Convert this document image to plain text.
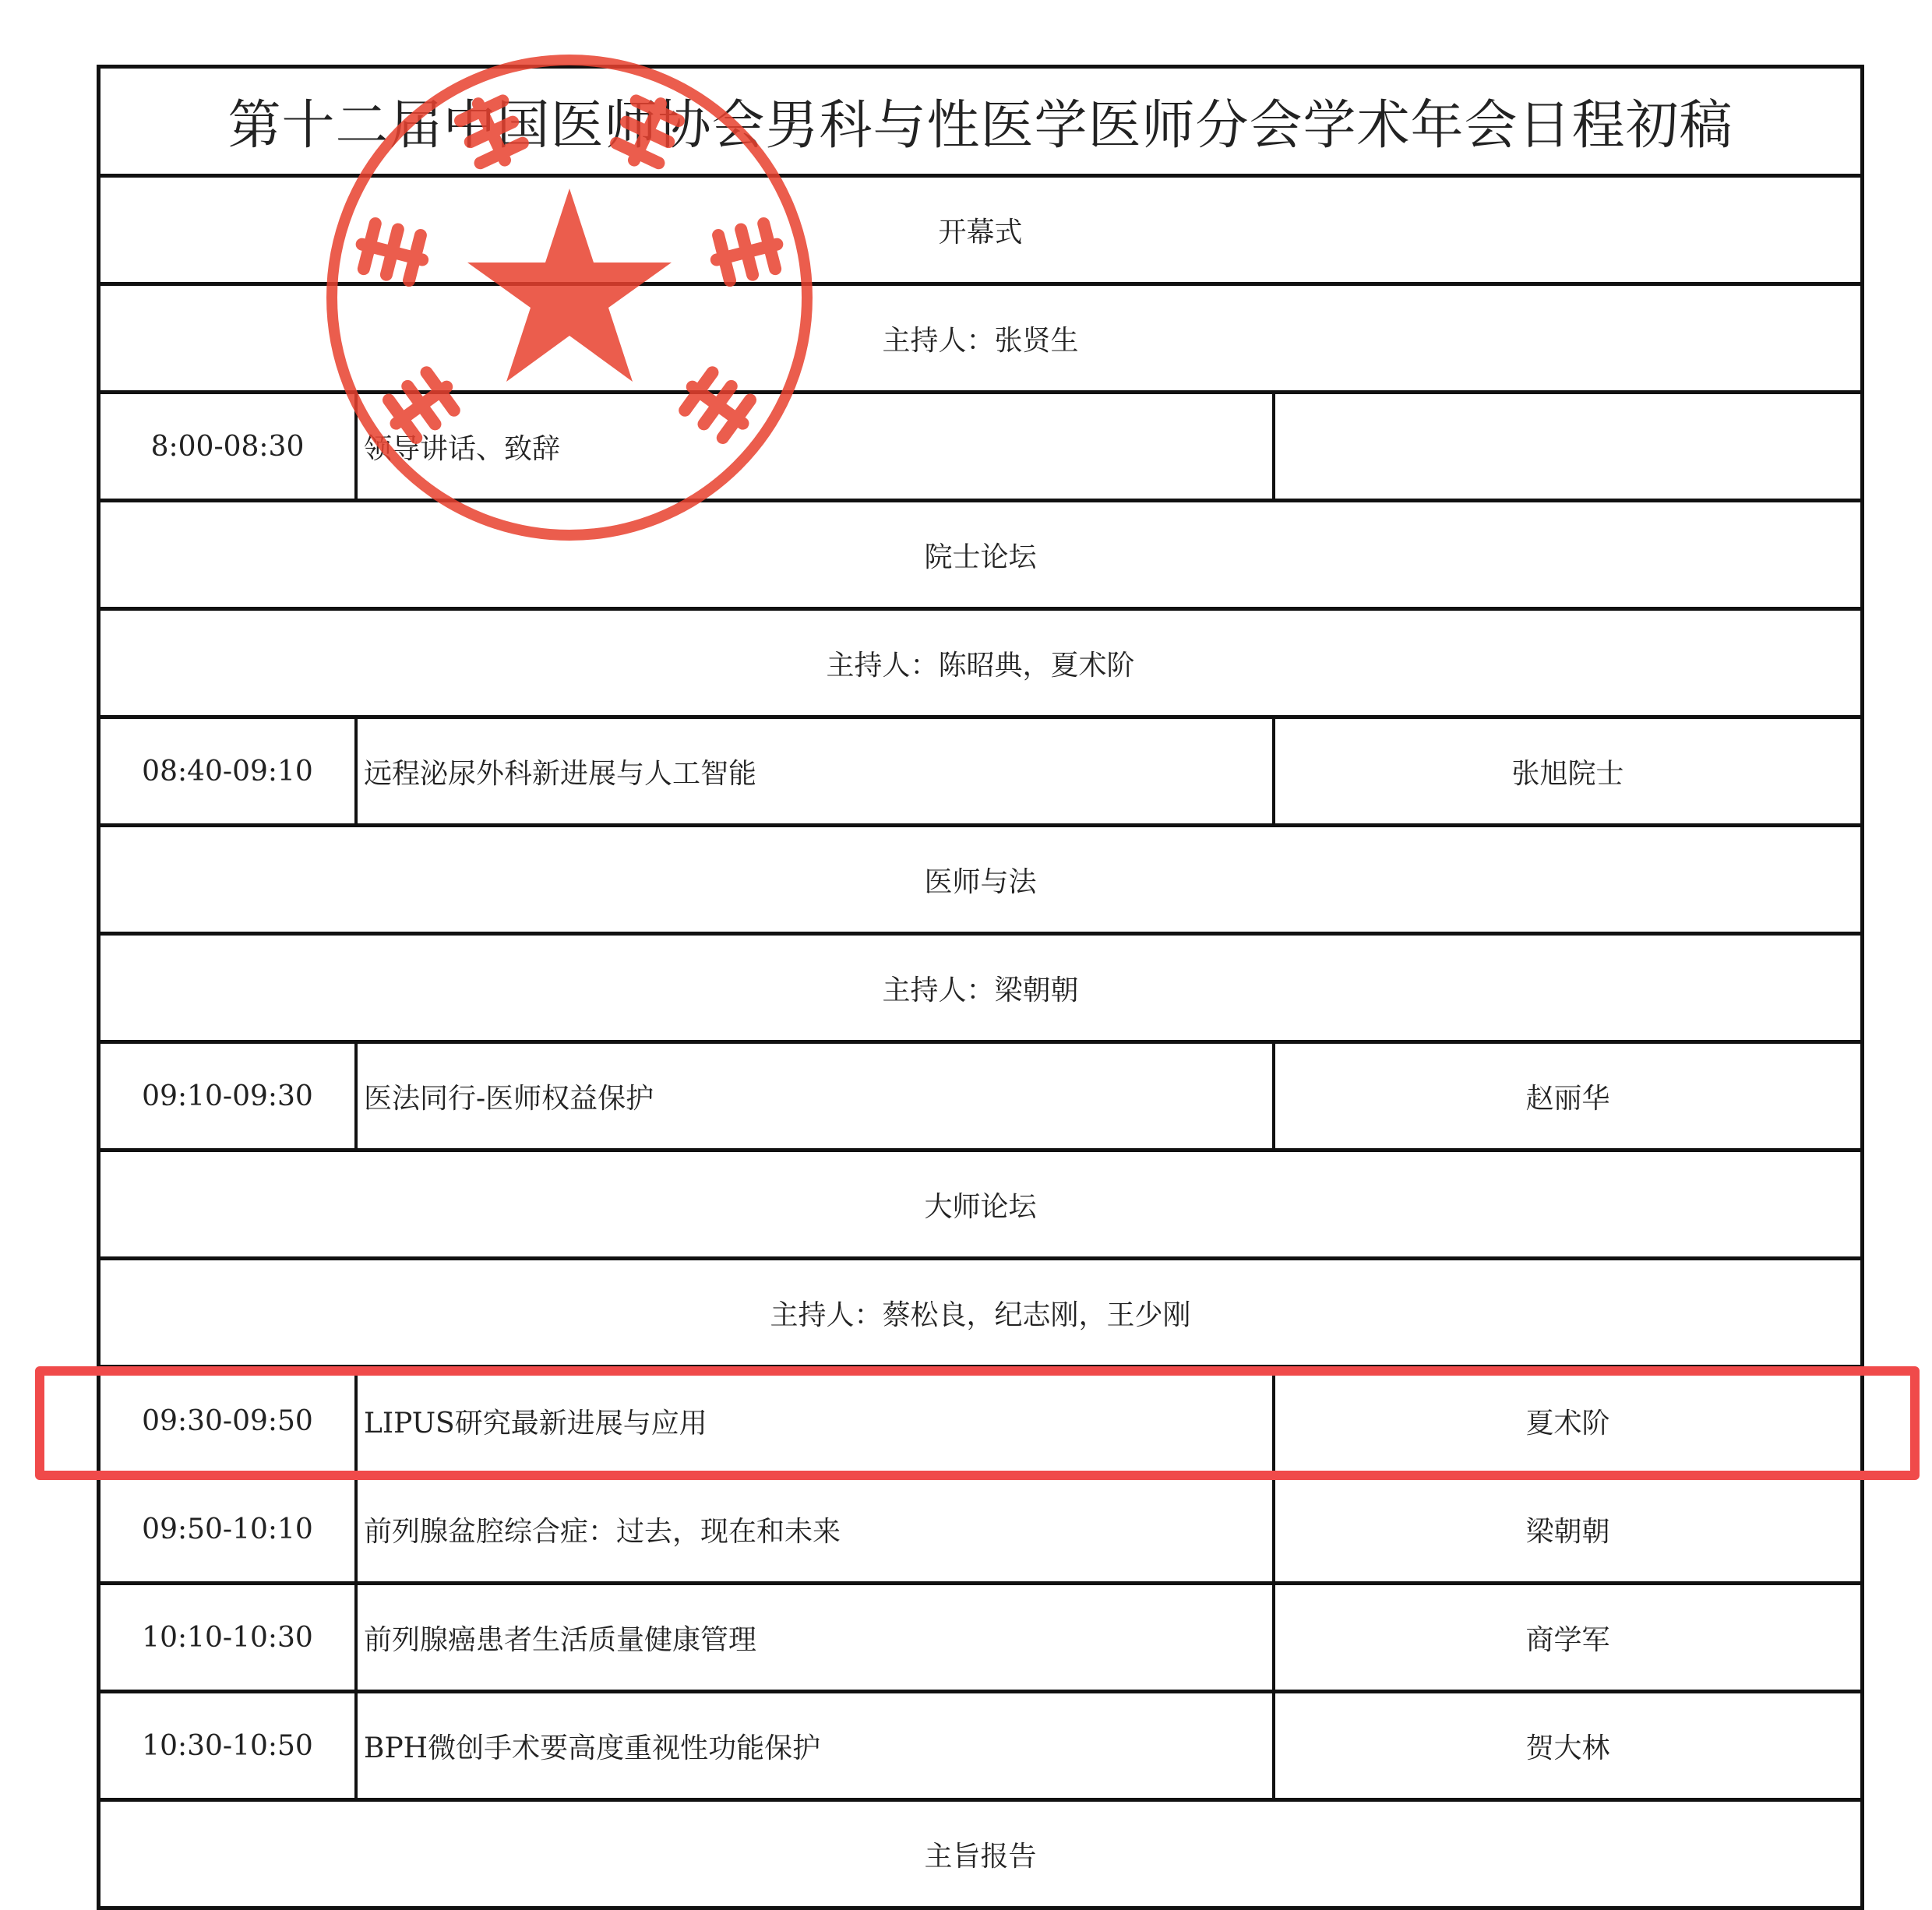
第十二届中国医师协会男科与性医学医师分会学术年会日程初稿
开幕式
主持人：张贤生
8:00-08:30	领导讲话、致辞
院士论坛
主持人：陈昭典，夏术阶
08:40-09:10	远程泌尿外科新进展与人工智能	张旭院士
医师与法
主持人：梁朝朝
09:10-09:30	医法同行-医师权益保护	赵丽华
大师论坛
主持人：蔡松良，纪志刚，王少刚
09:30-09:50	LIPUS研究最新进展与应用	夏术阶
09:50-10:10	前列腺盆腔综合症：过去，现在和未来	梁朝朝
10:10-10:30	前列腺癌患者生活质量健康管理	商学军
10:30-10:50	BPH微创手术要高度重视性功能保护	贺大林
主旨报告
